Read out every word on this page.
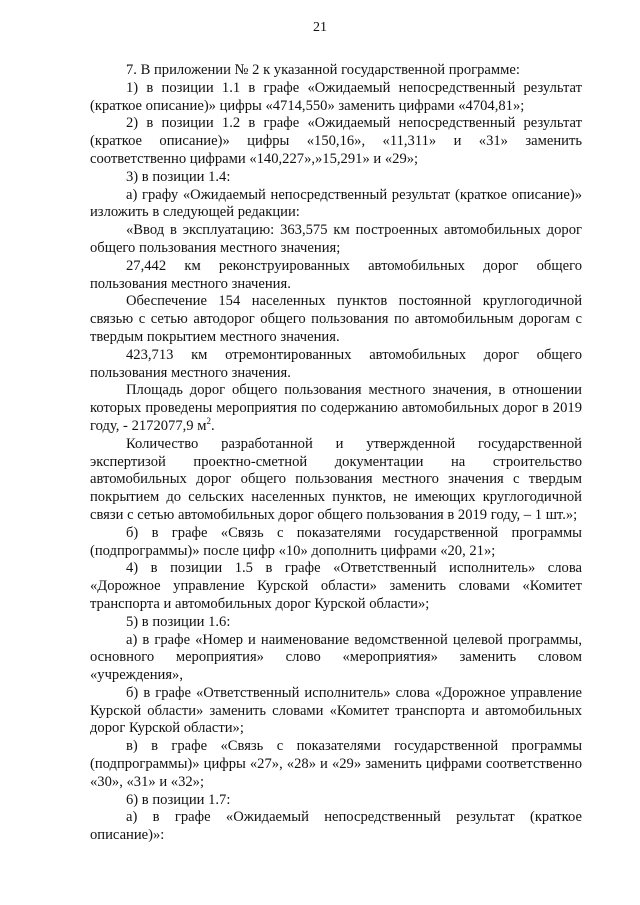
21

7. В приложении № 2 к указанной государственной программе:

1) в позиции 1.1 в графе «Ожидаемый непосредственный результат (краткое описание)» цифры «4714,550» заменить цифрами «4704,81»;

2) в позиции 1.2 в графе «Ожидаемый непосредственный результат (краткое описание)» цифры «150,16», «11,311» и «31» заменить соответственно цифрами «140,227»,»15,291» и «29»;

3) в позиции 1.4:

а) графу «Ожидаемый непосредственный результат (краткое описание)» изложить в следующей редакции:

«Ввод в эксплуатацию: 363,575 км построенных автомобильных дорог общего пользования местного значения;

27,442 км реконструированных автомобильных дорог общего пользования местного значения.

Обеспечение 154 населенных пунктов постоянной круглогодичной связью с сетью автодорог общего пользования по автомобильным дорогам с твердым покрытием местного значения.

423,713 км отремонтированных автомобильных дорог общего пользования местного значения.

Площадь дорог общего пользования местного значения, в отношении которых проведены мероприятия по содержанию автомобильных дорог в 2019 году, - 2172077,9 $м^2$.

Количество разработанной и утвержденной государственной экспертизой проектно-сметной документации на строительство автомобильных дорог общего пользования местного значения с твердым покрытием до сельских населенных пунктов, не имеющих круглогодичной связи с сетью автомобильных дорог общего пользования в 2019 году, – 1 шт.»;

б) в графе «Связь с показателями государственной программы (подпрограммы)» после цифр «10» дополнить цифрами «20, 21»;

4) в позиции 1.5 в графе «Ответственный исполнитель» слова «Дорожное управление Курской области» заменить словами «Комитет транспорта и автомобильных дорог Курской области»;

5) в позиции 1.6:

а) в графе «Номер и наименование ведомственной целевой программы, основного мероприятия» слово «мероприятия» заменить словом «учреждения»,

б) в графе «Ответственный исполнитель» слова «Дорожное управление Курской области» заменить словами «Комитет транспорта и автомобильных дорог Курской области»;

в) в графе «Связь с показателями государственной программы (подпрограммы)» цифры «27», «28» и «29» заменить цифрами соответственно «30», «31» и «32»;

6) в позиции 1.7:

а) в графе «Ожидаемый непосредственный результат (краткое описание)»:
